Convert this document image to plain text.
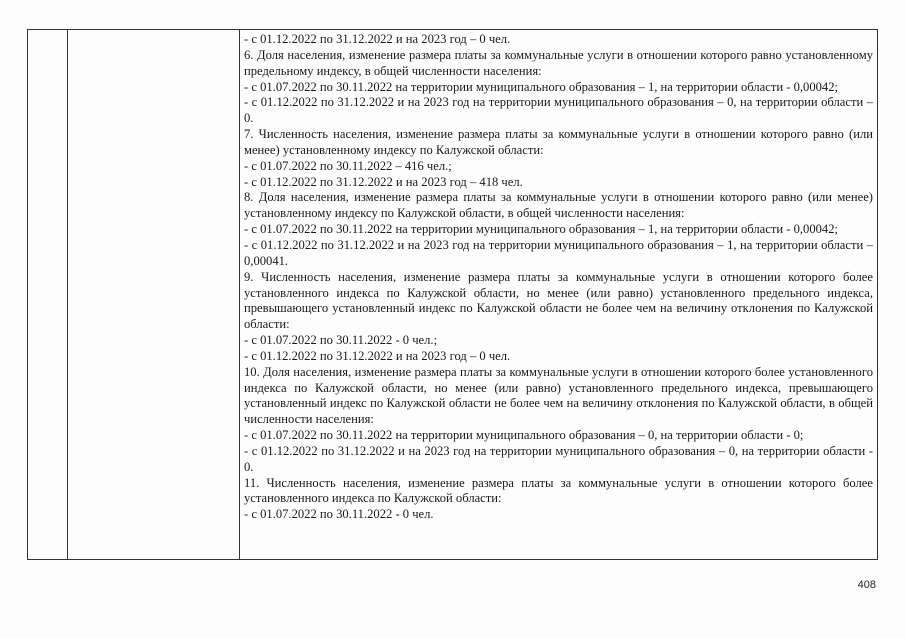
- с 01.12.2022 по 31.12.2022 и на 2023 год – 0 чел.

6. Доля населения, изменение размера платы за коммунальные услуги в отношении которого равно установленному предельному индексу, в общей численности населения:

- с 01.07.2022 по 30.11.2022 на территории муниципального образования – 1, на территории области - 0,00042;

- с 01.12.2022 по 31.12.2022 и на 2023 год на территории муниципального образования – 0, на территории области – 0.

7. Численность населения, изменение размера платы за коммунальные услуги в отношении которого равно (или менее) установленному индексу по Калужской области:

- с 01.07.2022 по 30.11.2022 – 416 чел.;

- с 01.12.2022 по 31.12.2022 и на 2023 год – 418 чел.

8. Доля населения, изменение размера платы за коммунальные услуги в отношении которого равно (или менее) установленному индексу по Калужской области, в общей численности населения:

- с 01.07.2022 по 30.11.2022 на территории муниципального образования – 1, на территории области - 0,00042;

- с 01.12.2022 по 31.12.2022 и на 2023 год на территории муниципального образования – 1, на территории области – 0,00041.

9. Численность населения, изменение размера платы за коммунальные услуги в отношении которого более установленного индекса по Калужской области, но менее (или равно) установленного предельного индекса, превышающего установленный индекс по Калужской области не более чем на величину отклонения по Калужской области:

- с 01.07.2022 по 30.11.2022 - 0 чел.;

- с 01.12.2022 по 31.12.2022 и на 2023 год – 0 чел.

10. Доля населения, изменение размера платы за коммунальные услуги в отношении которого более установленного индекса по Калужской области, но менее (или равно) установленного предельного индекса, превышающего установленный индекс по Калужской области не более чем на величину отклонения по Калужской области, в общей численности населения:

- с 01.07.2022 по 30.11.2022 на территории муниципального образования – 0, на территории области - 0;

- с 01.12.2022 по 31.12.2022 и на 2023 год на территории муниципального образования – 0, на территории области - 0.

11. Численность населения, изменение размера платы за коммунальные услуги в отношении которого более установленного индекса по Калужской области:

- с 01.07.2022 по 30.11.2022 - 0 чел.

408
